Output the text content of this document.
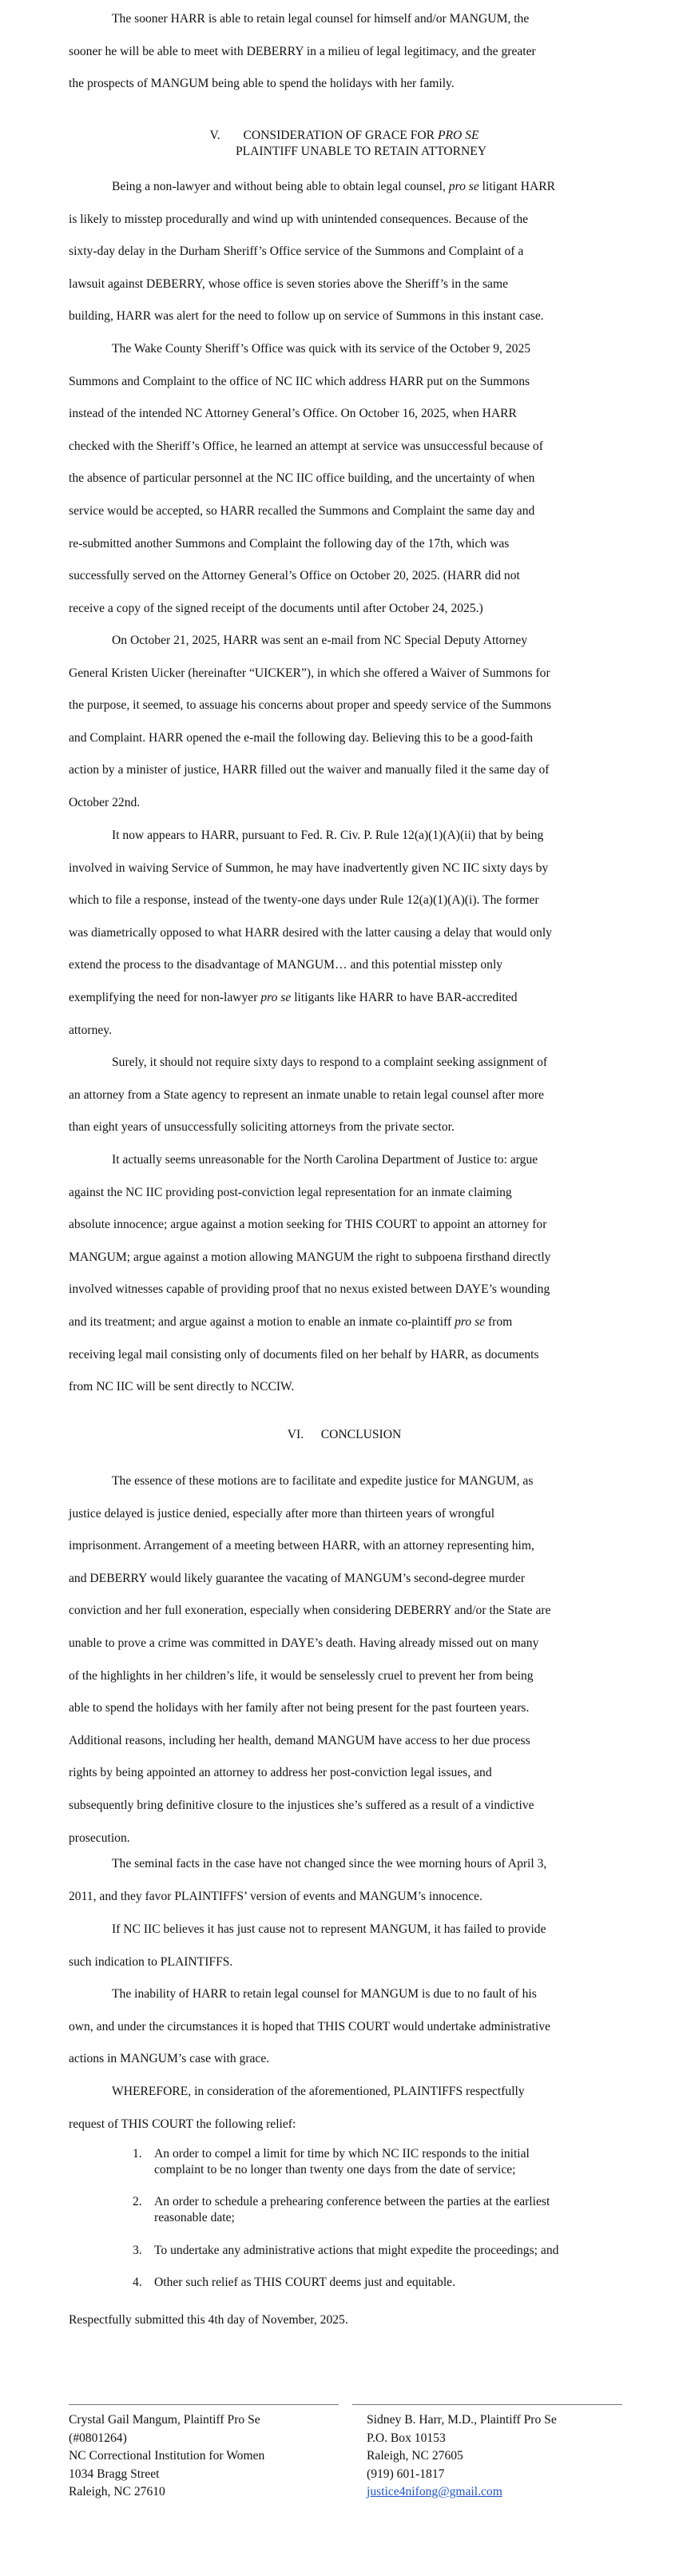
The sooner HARR is able to retain legal counsel for himself and/or MANGUM, the
sooner he will be able to meet with DEBERRY in a milieu of legal legitimacy, and the greater
the prospects of MANGUM being able to spend the holidays with her family.
V. CONSIDERATION OF GRACE FOR PRO SE
PLAINTIFF UNABLE TO RETAIN ATTORNEY
Being a non-lawyer and without being able to obtain legal counsel, pro se litigant HARR
is likely to misstep procedurally and wind up with unintended consequences. Because of the
sixty-day delay in the Durham Sheriff’s Office service of the Summons and Complaint of a
lawsuit against DEBERRY, whose office is seven stories above the Sheriff’s in the same
building, HARR was alert for the need to follow up on service of Summons in this instant case.
The Wake County Sheriff’s Office was quick with its service of the October 9, 2025
Summons and Complaint to the office of NC IIC which address HARR put on the Summons
instead of the intended NC Attorney General’s Office. On October 16, 2025, when HARR
checked with the Sheriff’s Office, he learned an attempt at service was unsuccessful because of
the absence of particular personnel at the NC IIC office building, and the uncertainty of when
service would be accepted, so HARR recalled the Summons and Complaint the same day and
re-submitted another Summons and Complaint the following day of the 17th, which was
successfully served on the Attorney General’s Office on October 20, 2025. (HARR did not
receive a copy of the signed receipt of the documents until after October 24, 2025.)
On October 21, 2025, HARR was sent an e-mail from NC Special Deputy Attorney
General Kristen Uicker (hereinafter “UICKER”), in which she offered a Waiver of Summons for
the purpose, it seemed, to assuage his concerns about proper and speedy service of the Summons
and Complaint. HARR opened the e-mail the following day. Believing this to be a good-faith
action by a minister of justice, HARR filled out the waiver and manually filed it the same day of
October 22nd.
It now appears to HARR, pursuant to Fed. R. Civ. P. Rule 12(a)(1)(A)(ii) that by being
involved in waiving Service of Summon, he may have inadvertently given NC IIC sixty days by
which to file a response, instead of the twenty-one days under Rule 12(a)(1)(A)(i). The former
was diametrically opposed to what HARR desired with the latter causing a delay that would only
extend the process to the disadvantage of MANGUM… and this potential misstep only
exemplifying the need for non-lawyer pro se litigants like HARR to have BAR-accredited
attorney.
Surely, it should not require sixty days to respond to a complaint seeking assignment of
an attorney from a State agency to represent an inmate unable to retain legal counsel after more
than eight years of unsuccessfully soliciting attorneys from the private sector.
It actually seems unreasonable for the North Carolina Department of Justice to: argue
against the NC IIC providing post-conviction legal representation for an inmate claiming
absolute innocence; argue against a motion seeking for THIS COURT to appoint an attorney for
MANGUM; argue against a motion allowing MANGUM the right to subpoena firsthand directly
involved witnesses capable of providing proof that no nexus existed between DAYE’s wounding
and its treatment; and argue against a motion to enable an inmate co-plaintiff pro se from
receiving legal mail consisting only of documents filed on her behalf by HARR, as documents
from NC IIC will be sent directly to NCCIW.
VI. CONCLUSION
The essence of these motions are to facilitate and expedite justice for MANGUM, as
justice delayed is justice denied, especially after more than thirteen years of wrongful
imprisonment. Arrangement of a meeting between HARR, with an attorney representing him,
and DEBERRY would likely guarantee the vacating of MANGUM’s second-degree murder
conviction and her full exoneration, especially when considering DEBERRY and/or the State are
unable to prove a crime was committed in DAYE’s death. Having already missed out on many
of the highlights in her children’s life, it would be senselessly cruel to prevent her from being
able to spend the holidays with her family after not being present for the past fourteen years.
Additional reasons, including her health, demand MANGUM have access to her due process
rights by being appointed an attorney to address her post-conviction legal issues, and
subsequently bring definitive closure to the injustices she’s suffered as a result of a vindictive
prosecution.
The seminal facts in the case have not changed since the wee morning hours of April 3,
2011, and they favor PLAINTIFFS’ version of events and MANGUM’s innocence.
If NC IIC believes it has just cause not to represent MANGUM, it has failed to provide
such indication to PLAINTIFFS.
The inability of HARR to retain legal counsel for MANGUM is due to no fault of his
own, and under the circumstances it is hoped that THIS COURT would undertake administrative
actions in MANGUM’s case with grace.
WHEREFORE, in consideration of the aforementioned, PLAINTIFFS respectfully
request of THIS COURT the following relief:
1. An order to compel a limit for time by which NC IIC responds to the initial
complaint to be no longer than twenty one days from the date of service;
2. An order to schedule a prehearing conference between the parties at the earliest
reasonable date;
3. To undertake any administrative actions that might expedite the proceedings; and
4. Other such relief as THIS COURT deems just and equitable.
Respectfully submitted this 4th day of November, 2025.
Crystal Gail Mangum, Plaintiff Pro Se
(#0801264)
NC Correctional Institution for Women
1034 Bragg Street
Raleigh, NC 27610
Sidney B. Harr, M.D., Plaintiff Pro Se
P.O. Box 10153
Raleigh, NC 27605
(919) 601-1817
justice4nifong@gmail.com
